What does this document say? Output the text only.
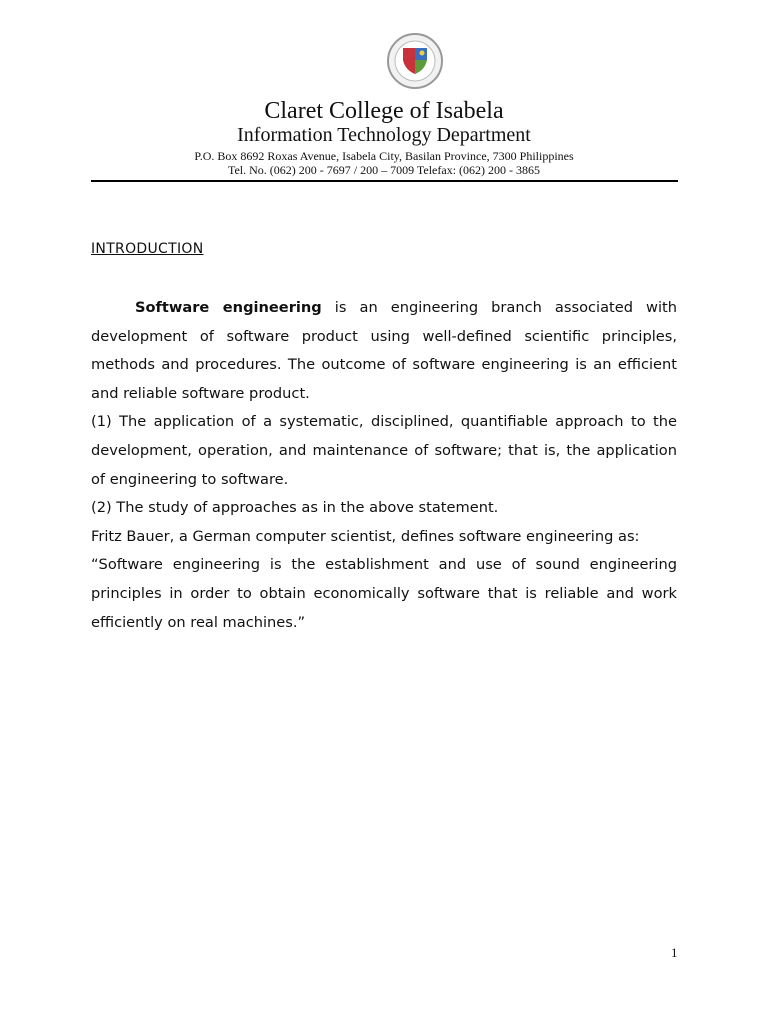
Claret College of Isabela
Information Technology Department
P.O. Box 8692 Roxas Avenue, Isabela City, Basilan Province, 7300 Philippines
Tel. No. (062) 200 - 7697 / 200 – 7009 Telefax: (062) 200 - 3865
INTRODUCTION

Software engineering is an engineering branch associated with development of software product using well-defined scientific principles, methods and procedures. The outcome of software engineering is an efficient and reliable software product.

(1) The application of a systematic, disciplined, quantifiable approach to the development, operation, and maintenance of software; that is, the application of engineering to software.

(2) The study of approaches as in the above statement.

Fritz Bauer, a German computer scientist, defines software engineering as:

“Software engineering is the establishment and use of sound engineering principles in order to obtain economically software that is reliable and work efficiently on real machines.”

1
